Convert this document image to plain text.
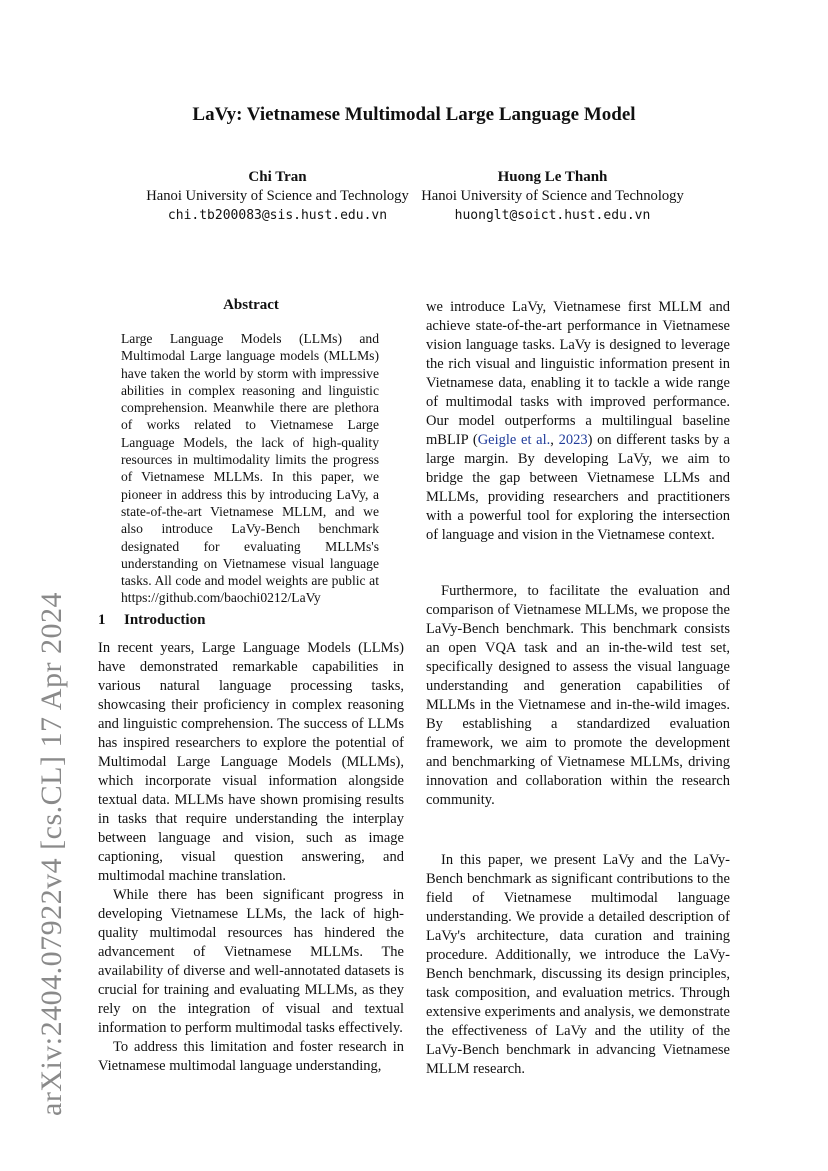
arXiv:2404.07922v4 [cs.CL] 17 Apr 2024
LaVy: Vietnamese Multimodal Large Language Model
Chi Tran
Hanoi University of Science and Technology
chi.tb200083@sis.hust.edu.vn
Huong Le Thanh
Hanoi University of Science and Technology
huonglt@soict.hust.edu.vn
Abstract

Large Language Models (LLMs) and Multimodal Large language models (MLLMs) have taken the world by storm with impressive abilities in complex reasoning and linguistic comprehension. Meanwhile there are plethora of works related to Vietnamese Large Language Models, the lack of high-quality resources in multimodality limits the progress of Vietnamese MLLMs. In this paper, we pioneer in address this by introducing LaVy, a state-of-the-art Vietnamese MLLM, and we also introduce LaVy-Bench benchmark designated for evaluating MLLMs's understanding on Vietnamese visual language tasks. All code and model weights are public at https://github.com/baochi0212/LaVy

1 Introduction

In recent years, Large Language Models (LLMs) have demonstrated remarkable capabilities in various natural language processing tasks, showcasing their proficiency in complex reasoning and linguistic comprehension. The success of LLMs has inspired researchers to explore the potential of Multimodal Large Language Models (MLLMs), which incorporate visual information alongside textual data. MLLMs have shown promising results in tasks that require understanding the interplay between language and vision, such as image captioning, visual question answering, and multimodal machine translation.

While there has been significant progress in developing Vietnamese LLMs, the lack of high-quality multimodal resources has hindered the advancement of Vietnamese MLLMs. The availability of diverse and well-annotated datasets is crucial for training and evaluating MLLMs, as they rely on the integration of visual and textual information to perform multimodal tasks effectively.

To address this limitation and foster research in Vietnamese multimodal language understanding,

we introduce LaVy, Vietnamese first MLLM and achieve state-of-the-art performance in Vietnamese vision language tasks. LaVy is designed to leverage the rich visual and linguistic information present in Vietnamese data, enabling it to tackle a wide range of multimodal tasks with improved performance. Our model outperforms a multilingual baseline mBLIP (Geigle et al., 2023) on different tasks by a large margin. By developing LaVy, we aim to bridge the gap between Vietnamese LLMs and MLLMs, providing researchers and practitioners with a powerful tool for exploring the intersection of language and vision in the Vietnamese context.

Furthermore, to facilitate the evaluation and comparison of Vietnamese MLLMs, we propose the LaVy-Bench benchmark. This benchmark consists an open VQA task and an in-the-wild test set, specifically designed to assess the visual language understanding and generation capabilities of MLLMs in the Vietnamese and in-the-wild images. By establishing a standardized evaluation framework, we aim to promote the development and benchmarking of Vietnamese MLLMs, driving innovation and collaboration within the research community.

In this paper, we present LaVy and the LaVy-Bench benchmark as significant contributions to the field of Vietnamese multimodal language understanding. We provide a detailed description of LaVy's architecture, data curation and training procedure. Additionally, we introduce the LaVy-Bench benchmark, discussing its design principles, task composition, and evaluation metrics. Through extensive experiments and analysis, we demonstrate the effectiveness of LaVy and the utility of the LaVy-Bench benchmark in advancing Vietnamese MLLM research.
